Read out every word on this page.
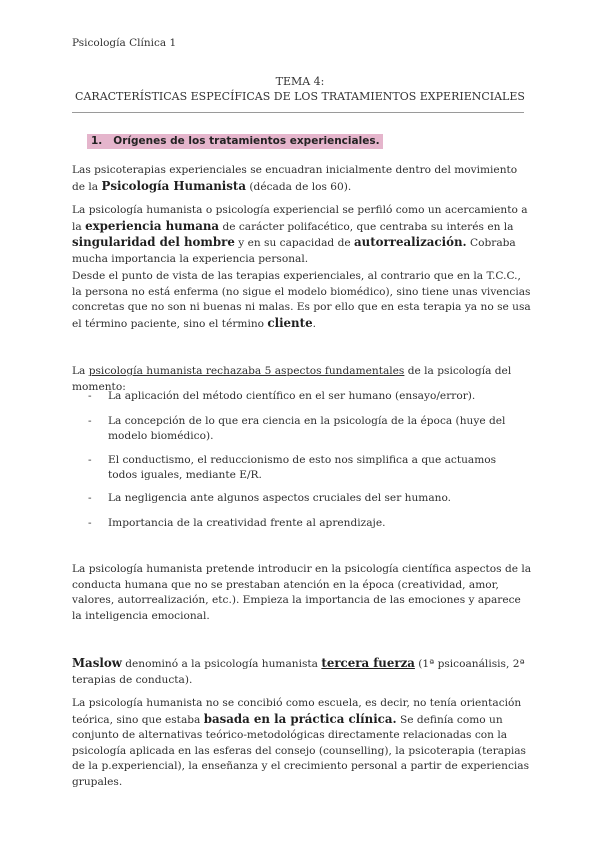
Psicología Clínica 1
TEMA 4:
CARACTERÍSTICAS ESPECÍFICAS DE LOS TRATAMIENTOS EXPERIENCIALES
1. Orígenes de los tratamientos experienciales.
Las psicoterapias experienciales se encuadran inicialmente dentro del movimiento de la Psicología Humanista (década de los 60).
La psicología humanista o psicología experiencial se perfiló como un acercamiento a la experiencia humana de carácter polifacético, que centraba su interés en la singularidad del hombre y en su capacidad de autorrealización. Cobraba mucha importancia la experiencia personal.
Desde el punto de vista de las terapias experienciales, al contrario que en la T.C.C., la persona no está enferma (no sigue el modelo biomédico), sino tiene unas vivencias concretas que no son ni buenas ni malas. Es por ello que en esta terapia ya no se usa el término paciente, sino el término cliente.
La psicología humanista rechazaba 5 aspectos fundamentales de la psicología del momento:
- La aplicación del método científico en el ser humano (ensayo/error).
- La concepción de lo que era ciencia en la psicología de la época (huye del modelo biomédico).
- El conductismo, el reduccionismo de esto nos simplifica a que actuamos todos iguales, mediante E/R.
- La negligencia ante algunos aspectos cruciales del ser humano.
- Importancia de la creatividad frente al aprendizaje.
La psicología humanista pretende introducir en la psicología científica aspectos de la conducta humana que no se prestaban atención en la época (creatividad, amor, valores, autorrealización, etc.). Empieza la importancia de las emociones y aparece la inteligencia emocional.
Maslow denominó a la psicología humanista tercera fuerza (1ª psicoanálisis, 2ª terapias de conducta).
La psicología humanista no se concibió como escuela, es decir, no tenía orientación teórica, sino que estaba basada en la práctica clínica. Se definía como un conjunto de alternativas teórico-metodológicas directamente relacionadas con la psicología aplicada en las esferas del consejo (counselling), la psicoterapia (terapias de la p.experiencial), la enseñanza y el crecimiento personal a partir de experiencias grupales.
